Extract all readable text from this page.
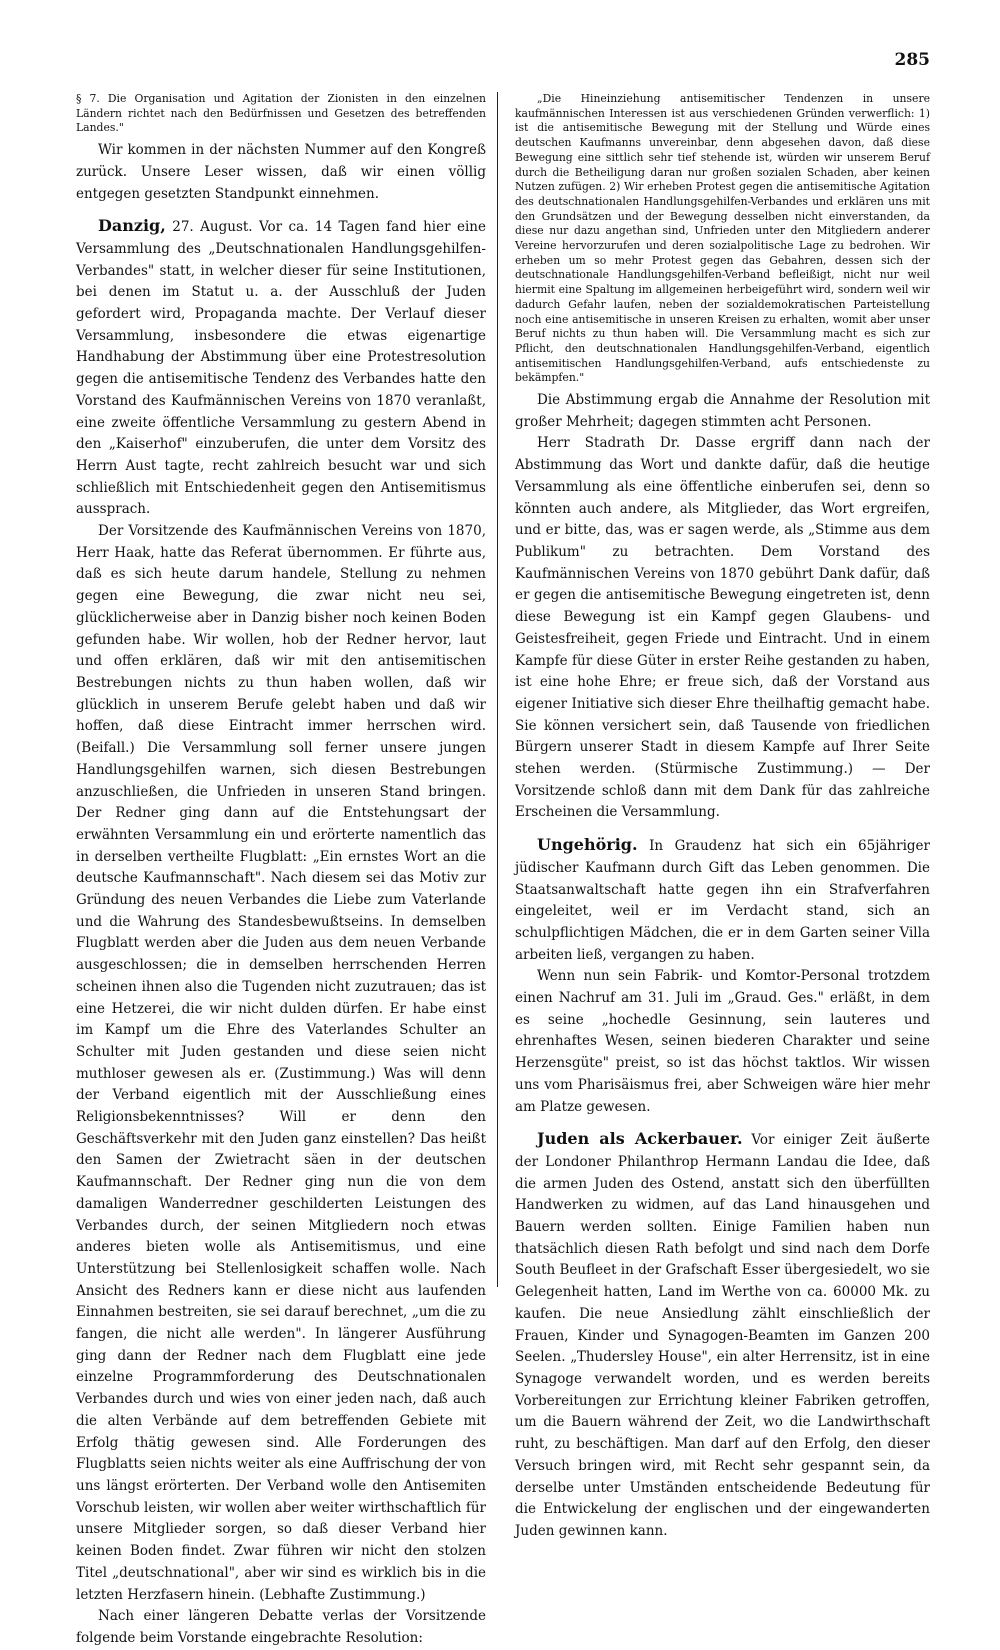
285

§ 7. Die Organisation und Agitation der Zionisten in den einzelnen Ländern richtet nach den Bedürfnissen und Gesetzen des betreffenden Landes."

Wir kommen in der nächsten Nummer auf den Kongreß zurück. Unsere Leser wissen, daß wir einen völlig entgegen gesetzten Standpunkt einnehmen.

Danzig, 27. August. Vor ca. 14 Tagen fand hier eine Versammlung des „Deutschnationalen Handlungsgehilfen-Verbandes" statt, in welcher dieser für seine Institutionen, bei denen im Statut u. a. der Ausschluß der Juden gefordert wird, Propaganda machte. Der Verlauf dieser Versammlung, insbesondere die etwas eigenartige Handhabung der Abstimmung über eine Protestresolution gegen die antisemitische Tendenz des Verbandes hatte den Vorstand des Kaufmännischen Vereins von 1870 veranlaßt, eine zweite öffentliche Versammlung zu gestern Abend in den „Kaiserhof" einzuberufen, die unter dem Vorsitz des Herrn Aust tagte, recht zahlreich besucht war und sich schließlich mit Entschiedenheit gegen den Antisemitismus aussprach.

Der Vorsitzende des Kaufmännischen Vereins von 1870, Herr Haak, hatte das Referat übernommen. Er führte aus, daß es sich heute darum handele, Stellung zu nehmen gegen eine Bewegung, die zwar nicht neu sei, glücklicherweise aber in Danzig bisher noch keinen Boden gefunden habe. Wir wollen, hob der Redner hervor, laut und offen erklären, daß wir mit den antisemitischen Bestrebungen nichts zu thun haben wollen, daß wir glücklich in unserem Berufe gelebt haben und daß wir hoffen, daß diese Eintracht immer herrschen wird. (Beifall.) Die Versammlung soll ferner unsere jungen Handlungsgehilfen warnen, sich diesen Bestrebungen anzuschließen, die Unfrieden in unseren Stand bringen. Der Redner ging dann auf die Entstehungsart der erwähnten Versammlung ein und erörterte namentlich das in derselben vertheilte Flugblatt: „Ein ernstes Wort an die deutsche Kaufmannschaft". Nach diesem sei das Motiv zur Gründung des neuen Verbandes die Liebe zum Vaterlande und die Wahrung des Standesbewußtseins. In demselben Flugblatt werden aber die Juden aus dem neuen Verbande ausgeschlossen; die in demselben herrschenden Herren scheinen ihnen also die Tugenden nicht zuzutrauen; das ist eine Hetzerei, die wir nicht dulden dürfen. Er habe einst im Kampf um die Ehre des Vaterlandes Schulter an Schulter mit Juden gestanden und diese seien nicht muthloser gewesen als er. (Zustimmung.) Was will denn der Verband eigentlich mit der Ausschließung eines Religionsbekenntnisses? Will er denn den Geschäftsverkehr mit den Juden ganz einstellen? Das heißt den Samen der Zwietracht säen in der deutschen Kaufmannschaft. Der Redner ging nun die von dem damaligen Wanderredner geschilderten Leistungen des Verbandes durch, der seinen Mitgliedern noch etwas anderes bieten wolle als Antisemitismus, und eine Unterstützung bei Stellenlosigkeit schaffen wolle. Nach Ansicht des Redners kann er diese nicht aus laufenden Einnahmen bestreiten, sie sei darauf berechnet, „um die zu fangen, die nicht alle werden". In längerer Ausführung ging dann der Redner nach dem Flugblatt eine jede einzelne Programmforderung des Deutschnationalen Verbandes durch und wies von einer jeden nach, daß auch die alten Verbände auf dem betreffenden Gebiete mit Erfolg thätig gewesen sind. Alle Forderungen des Flugblatts seien nichts weiter als eine Auffrischung der von uns längst erörterten. Der Verband wolle den Antisemiten Vorschub leisten, wir wollen aber weiter wirthschaftlich für unsere Mitglieder sorgen, so daß dieser Verband hier keinen Boden findet. Zwar führen wir nicht den stolzen Titel „deutschnational", aber wir sind es wirklich bis in die letzten Herzfasern hinein. (Lebhafte Zustimmung.)

Nach einer längeren Debatte verlas der Vorsitzende folgende beim Vorstande eingebrachte Resolution:

„Die Hineinziehung antisemitischer Tendenzen in unsere kaufmännischen Interessen ist aus verschiedenen Gründen verwerflich: 1) ist die antisemitische Bewegung mit der Stellung und Würde eines deutschen Kaufmanns unvereinbar, denn abgesehen davon, daß diese Bewegung eine sittlich sehr tief stehende ist, würden wir unserem Beruf durch die Betheiligung daran nur großen sozialen Schaden, aber keinen Nutzen zufügen. 2) Wir erheben Protest gegen die antisemitische Agitation des deutschnationalen Handlungsgehilfen-Verbandes und erklären uns mit den Grundsätzen und der Bewegung desselben nicht einverstanden, da diese nur dazu angethan sind, Unfrieden unter den Mitgliedern anderer Vereine hervorzurufen und deren sozialpolitische Lage zu bedrohen. Wir erheben um so mehr Protest gegen das Gebahren, dessen sich der deutschnationale Handlungsgehilfen-Verband befleißigt, nicht nur weil hiermit eine Spaltung im allgemeinen herbeigeführt wird, sondern weil wir dadurch Gefahr laufen, neben der sozialdemokratischen Parteistellung noch eine antisemitische in unseren Kreisen zu erhalten, womit aber unser Beruf nichts zu thun haben will. Die Versammlung macht es sich zur Pflicht, den deutschnationalen Handlungsgehilfen-Verband, eigentlich antisemitischen Handlungsgehilfen-Verband, aufs entschiedenste zu bekämpfen."

Die Abstimmung ergab die Annahme der Resolution mit großer Mehrheit; dagegen stimmten acht Personen.

Herr Stadrath Dr. Dasse ergriff dann nach der Abstimmung das Wort und dankte dafür, daß die heutige Versammlung als eine öffentliche einberufen sei, denn so könnten auch andere, als Mitglieder, das Wort ergreifen, und er bitte, das, was er sagen werde, als „Stimme aus dem Publikum" zu betrachten. Dem Vorstand des Kaufmännischen Vereins von 1870 gebührt Dank dafür, daß er gegen die antisemitische Bewegung eingetreten ist, denn diese Bewegung ist ein Kampf gegen Glaubens- und Geistesfreiheit, gegen Friede und Eintracht. Und in einem Kampfe für diese Güter in erster Reihe gestanden zu haben, ist eine hohe Ehre; er freue sich, daß der Vorstand aus eigener Initiative sich dieser Ehre theilhaftig gemacht habe. Sie können versichert sein, daß Tausende von friedlichen Bürgern unserer Stadt in diesem Kampfe auf Ihrer Seite stehen werden. (Stürmische Zustimmung.) — Der Vorsitzende schloß dann mit dem Dank für das zahlreiche Erscheinen die Versammlung.

Ungehörig. In Graudenz hat sich ein 65jähriger jüdischer Kaufmann durch Gift das Leben genommen. Die Staatsanwaltschaft hatte gegen ihn ein Strafverfahren eingeleitet, weil er im Verdacht stand, sich an schulpflichtigen Mädchen, die er in dem Garten seiner Villa arbeiten ließ, vergangen zu haben.

Wenn nun sein Fabrik- und Komtor-Personal trotzdem einen Nachruf am 31. Juli im „Graud. Ges." erläßt, in dem es seine „hochedle Gesinnung, sein lauteres und ehrenhaftes Wesen, seinen biederen Charakter und seine Herzensgüte" preist, so ist das höchst taktlos. Wir wissen uns vom Pharisäismus frei, aber Schweigen wäre hier mehr am Platze gewesen.

Juden als Ackerbauer. Vor einiger Zeit äußerte der Londoner Philanthrop Hermann Landau die Idee, daß die armen Juden des Ostend, anstatt sich den überfüllten Handwerken zu widmen, auf das Land hinausgehen und Bauern werden sollten. Einige Familien haben nun thatsächlich diesen Rath befolgt und sind nach dem Dorfe South Beufleet in der Grafschaft Esser übergesiedelt, wo sie Gelegenheit hatten, Land im Werthe von ca. 60000 Mk. zu kaufen. Die neue Ansiedlung zählt einschließlich der Frauen, Kinder und Synagogen-Beamten im Ganzen 200 Seelen. „Thudersley House", ein alter Herrensitz, ist in eine Synagoge verwandelt worden, und es werden bereits Vorbereitungen zur Errichtung kleiner Fabriken getroffen, um die Bauern während der Zeit, wo die Landwirthschaft ruht, zu beschäftigen. Man darf auf den Erfolg, den dieser Versuch bringen wird, mit Recht sehr gespannt sein, da derselbe unter Umständen entscheidende Bedeutung für die Entwickelung der englischen und der eingewanderten Juden gewinnen kann.
